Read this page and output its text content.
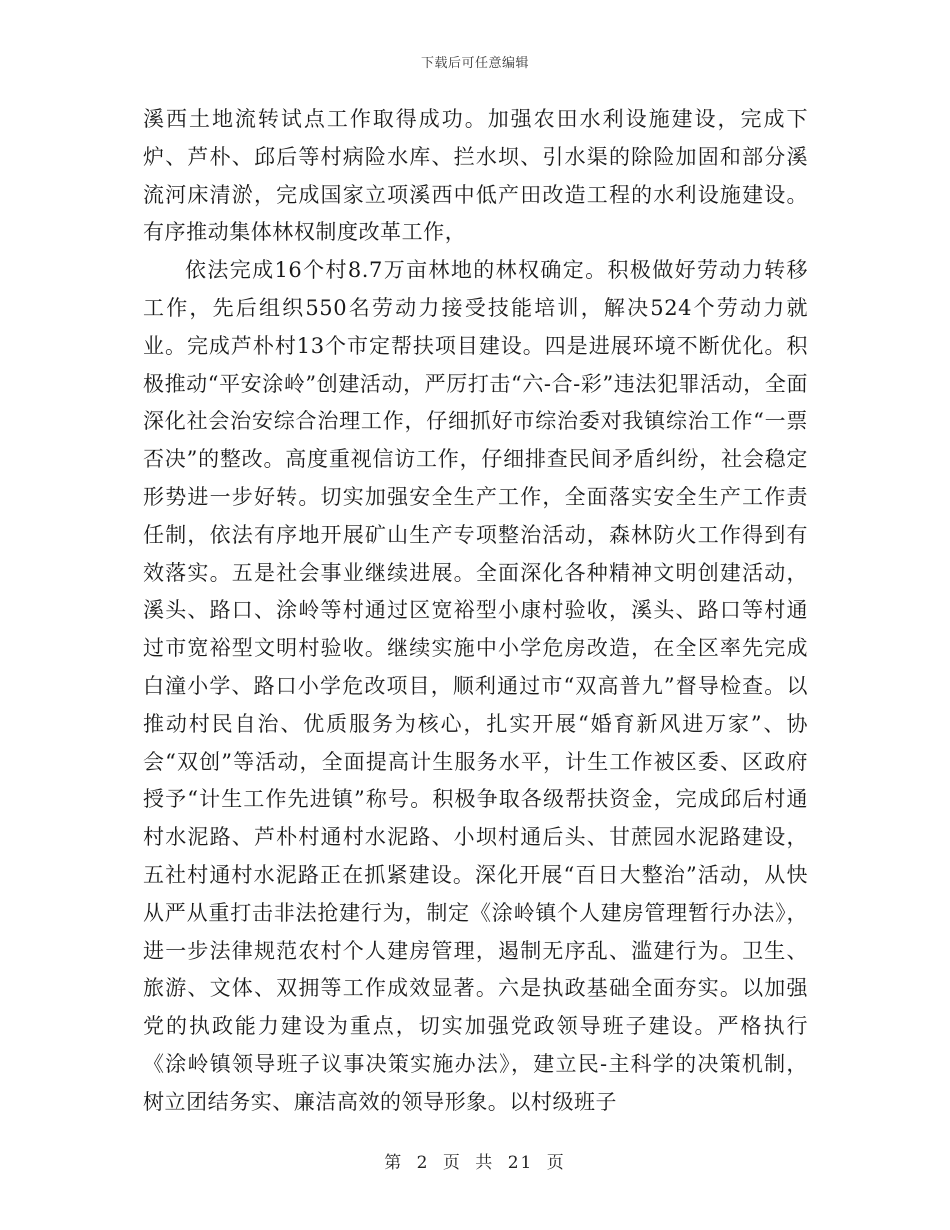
下载后可任意编辑

溪西土地流转试点工作取得成功。加强农田水利设施建设，完成下炉、芦朴、邱后等村病险水库、拦水坝、引水渠的除险加固和部分溪流河床清淤，完成国家立项溪西中低产田改造工程的水利设施建设。有序推动集体林权制度改革工作，

依法完成16个村8.7万亩林地的林权确定。积极做好劳动力转移工作，先后组织550名劳动力接受技能培训，解决524个劳动力就业。完成芦朴村13个市定帮扶项目建设。四是进展环境不断优化。积极推动“平安涂岭”创建活动，严厉打击“六-合-彩”违法犯罪活动，全面深化社会治安综合治理工作，仔细抓好市综治委对我镇综治工作“一票否决”的整改。高度重视信访工作，仔细排查民间矛盾纠纷，社会稳定形势进一步好转。切实加强安全生产工作，全面落实安全生产工作责任制，依法有序地开展矿山生产专项整治活动，森林防火工作得到有效落实。五是社会事业继续进展。全面深化各种精神文明创建活动，溪头、路口、涂岭等村通过区宽裕型小康村验收，溪头、路口等村通过市宽裕型文明村验收。继续实施中小学危房改造，在全区率先完成白潼小学、路口小学危改项目，顺利通过市“双高普九”督导检查。以推动村民自治、优质服务为核心，扎实开展“婚育新风进万家”、协会“双创”等活动，全面提高计生服务水平，计生工作被区委、区政府授予“计生工作先进镇”称号。积极争取各级帮扶资金，完成邱后村通村水泥路、芦朴村通村水泥路、小坝村通后头、甘蔗园水泥路建设，五社村通村水泥路正在抓紧建设。深化开展“百日大整治”活动，从快从严从重打击非法抢建行为，制定《涂岭镇个人建房管理暂行办法》，进一步法律规范农村个人建房管理，遏制无序乱、滥建行为。卫生、旅游、文体、双拥等工作成效显著。六是执政基础全面夯实。以加强党的执政能力建设为重点，切实加强党政领导班子建设。严格执行《涂岭镇领导班子议事决策实施办法》，建立民-主科学的决策机制，树立团结务实、廉洁高效的领导形象。以村级班子

第 2 页 共 21 页
